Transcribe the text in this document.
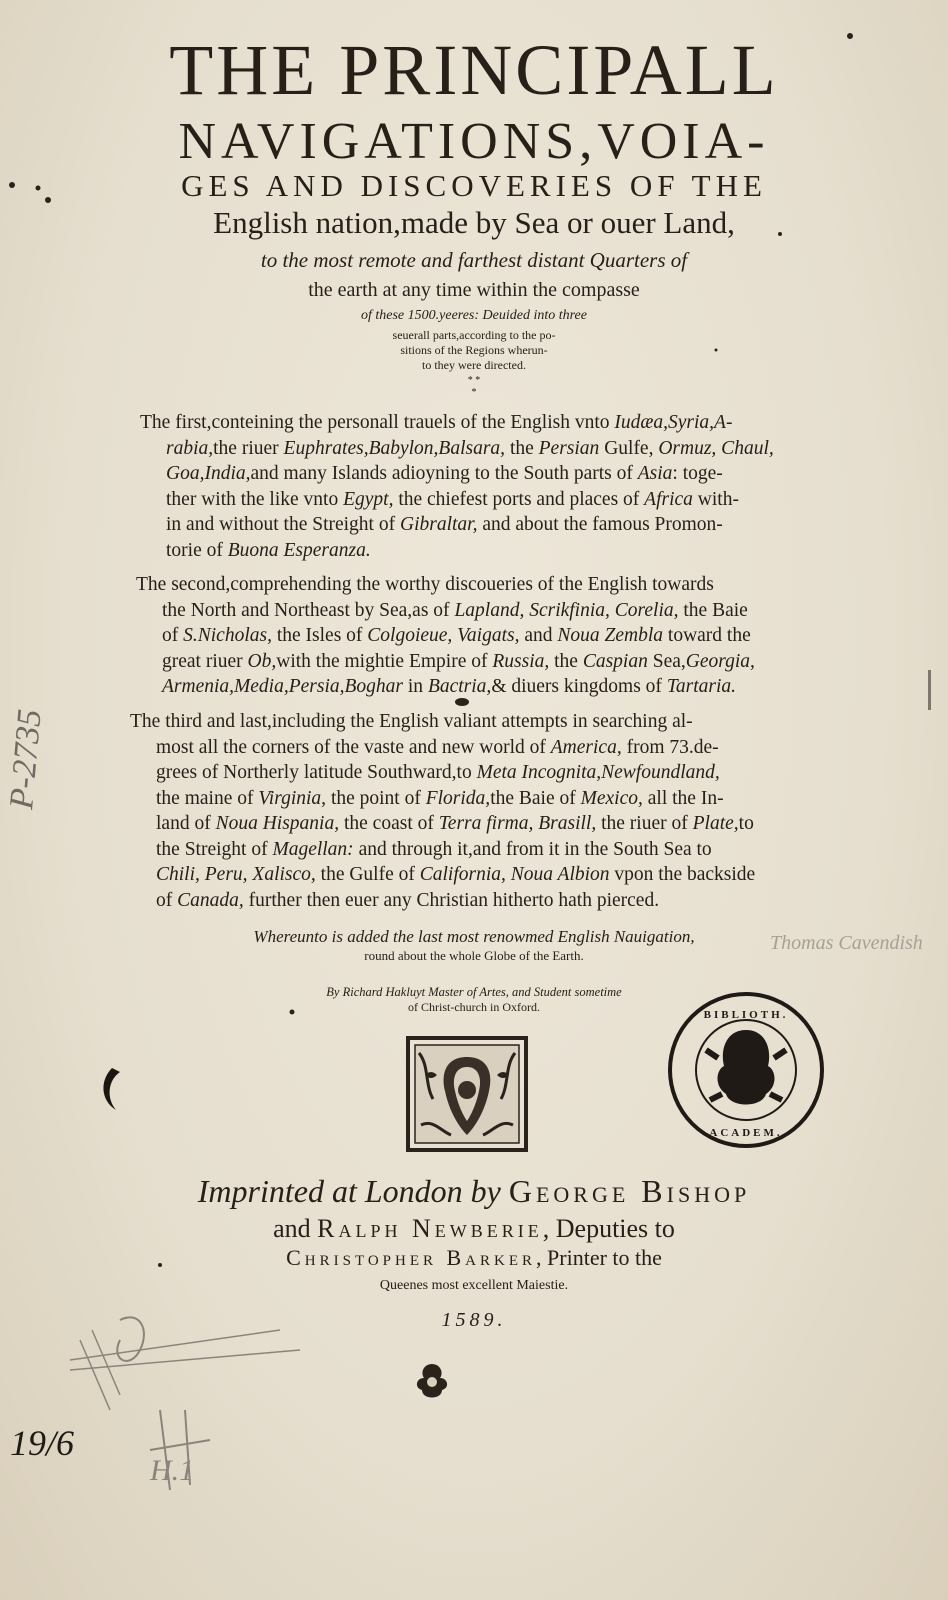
THE PRINCIPALL

NAVIGATIONS,VOIA-

GES AND DISCOVERIES OF THE

English nation,made by Sea or ouer Land,

to the most remote and farthest distant Quarters of

the earth at any time within the compasse

of these 1500.yeeres: Deuided into three

seuerall parts,according to the po-
sitions of the Regions wherun-
to they were directed.

* *
*

The first,conteining the personall trauels of the English vnto Iudæa,Syria,A-
rabia,the riuer Euphrates,Babylon,Balsara, the Persian Gulfe, Ormuz, Chaul,
Goa,India,and many Islands adioyning to the South parts of Asia: toge-
ther with the like vnto Egypt, the chiefest ports and places of Africa with-
in and without the Streight of Gibraltar, and about the famous Promon-
torie of Buona Esperanza.
The second,comprehending the worthy discoueries of the English towards
the North and Northeast by Sea,as of Lapland, Scrikfinia, Corelia, the Baie
of S.Nicholas, the Isles of Colgoieue, Vaigats, and Noua Zembla toward the
great riuer Ob,with the mightie Empire of Russia, the Caspian Sea,Georgia,
Armenia,Media,Persia,Boghar in Bactria,& diuers kingdoms of Tartaria.
The third and last,including the English valiant attempts in searching al-
most all the corners of the vaste and new world of America, from 73.de-
grees of Northerly latitude Southward,to Meta Incognita,Newfoundland,
the maine of Virginia, the point of Florida,the Baie of Mexico, all the In-
land of Noua Hispania, the coast of Terra firma, Brasill, the riuer of Plate,to
the Streight of Magellan: and through it,and from it in the South Sea to
Chili, Peru, Xalisco, the Gulfe of California, Noua Albion vpon the backside
of Canada, further then euer any Christian hitherto hath pierced.

Whereunto is added the last most renowmed English Nauigation,

round about the whole Globe of the Earth.

By Richard Hakluyt Master of Artes, and Student sometime

of Christ-church in Oxford.

BIBLIOTH.
ACADEM.

Imprinted at London by George Bishop

and Ralph Newberie, Deputies to

Christopher Barker, Printer to the

Queenes most excellent Maiestie.

1589.

P-2735
19/6
H.1
Thomas Cavendish
